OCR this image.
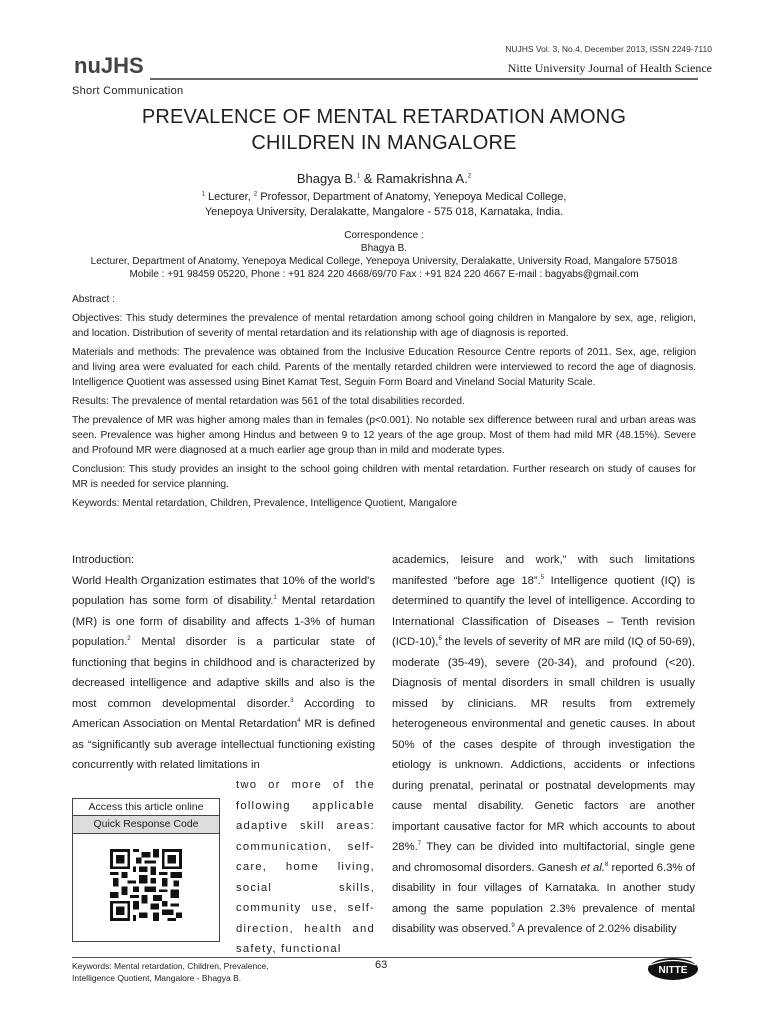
nuJHS
NUJHS Vol. 3, No.4, December 2013, ISSN 2249-7110
Nitte University Journal of Health Science
Short Communication
PREVALENCE OF MENTAL RETARDATION AMONG
CHILDREN IN MANGALORE
Bhagya B.$^1$ & Ramakrishna A.$^2$
$^1$ Lecturer, $^2$ Professor, Department of Anatomy, Yenepoya Medical College,
Yenepoya University, Deralakatte, Mangalore - 575 018, Karnataka, India.
Correspondence :
Bhagya B.
Lecturer, Department of Anatomy, Yenepoya Medical College, Yenepoya University, Deralakatte, University Road, Mangalore 575018
Mobile : +91 98459 05220, Phone : +91 824 220 4668/69/70 Fax : +91 824 220 4667 E-mail : bagyabs@gmail.com

Abstract :

Objectives: This study determines the prevalence of mental retardation among school going children in Mangalore by sex, age, religion, and location. Distribution of severity of mental retardation and its relationship with age of diagnosis is reported.

Materials and methods: The prevalence was obtained from the Inclusive Education Resource Centre reports of 2011. Sex, age, religion and living area were evaluated for each child. Parents of the mentally retarded children were interviewed to record the age of diagnosis. Intelligence Quotient was assessed using Binet Kamat Test, Seguin Form Board and Vineland Social Maturity Scale.

Results: The prevalence of mental retardation was 561 of the total disabilities recorded.

The prevalence of MR was higher among males than in females (p<0.001). No notable sex difference between rural and urban areas was seen. Prevalence was higher among Hindus and between 9 to 12 years of the age group. Most of them had mild MR (48.15%). Severe and Profound MR were diagnosed at a much earlier age group than in mild and moderate types.

Conclusion: This study provides an insight to the school going children with mental retardation. Further research on study of causes for MR is needed for service planning.

Keywords: Mental retardation, Children, Prevalence, Intelligence Quotient, Mangalore

Introduction:

World Health Organization estimates that 10% of the world's population has some form of disability.$^1$ Mental retardation (MR) is one form of disability and affects 1-3% of human population.$^2$ Mental disorder is a particular state of functioning that begins in childhood and is characterized by decreased intelligence and adaptive skills and also is the most common developmental disorder.$^3$ According to American Association on Mental Retardation$^4$ MR is defined as “significantly sub average intellectual functioning existing concurrently with related limitations in

two or more of the following applicable adaptive skill areas: communication, self-care, home living, social skills, community use, self-direction, health and safety, functional
Access this article online
Quick Response Code

academics, leisure and work,” with such limitations manifested “before age 18”.$^5$ Intelligence quotient (IQ) is determined to quantify the level of intelligence. According to International Classification of Diseases – Tenth revision (ICD-10),$^6$ the levels of severity of MR are mild (IQ of 50-69), moderate (35-49), severe (20-34), and profound (<20). Diagnosis of mental disorders in small children is usually missed by clinicians. MR results from extremely heterogeneous environmental and genetic causes. In about 50% of the cases despite of through investigation the etiology is unknown. Addictions, accidents or infections during prenatal, perinatal or postnatal developments may cause mental disability. Genetic factors are another important causative factor for MR which accounts to about 28%.$^7$ They can be divided into multifactorial, single gene and chromosomal disorders. Ganesh et al.$^8$ reported 6.3% of disability in four villages of Karnataka. In another study among the same population 2.3% prevalence of mental disability was observed.$^9$ A prevalence of 2.02% disability

Keywords: Mental retardation, Children, Prevalence,
Intelligence Quotient, Mangalore - Bhagya B.
63	NITTE
